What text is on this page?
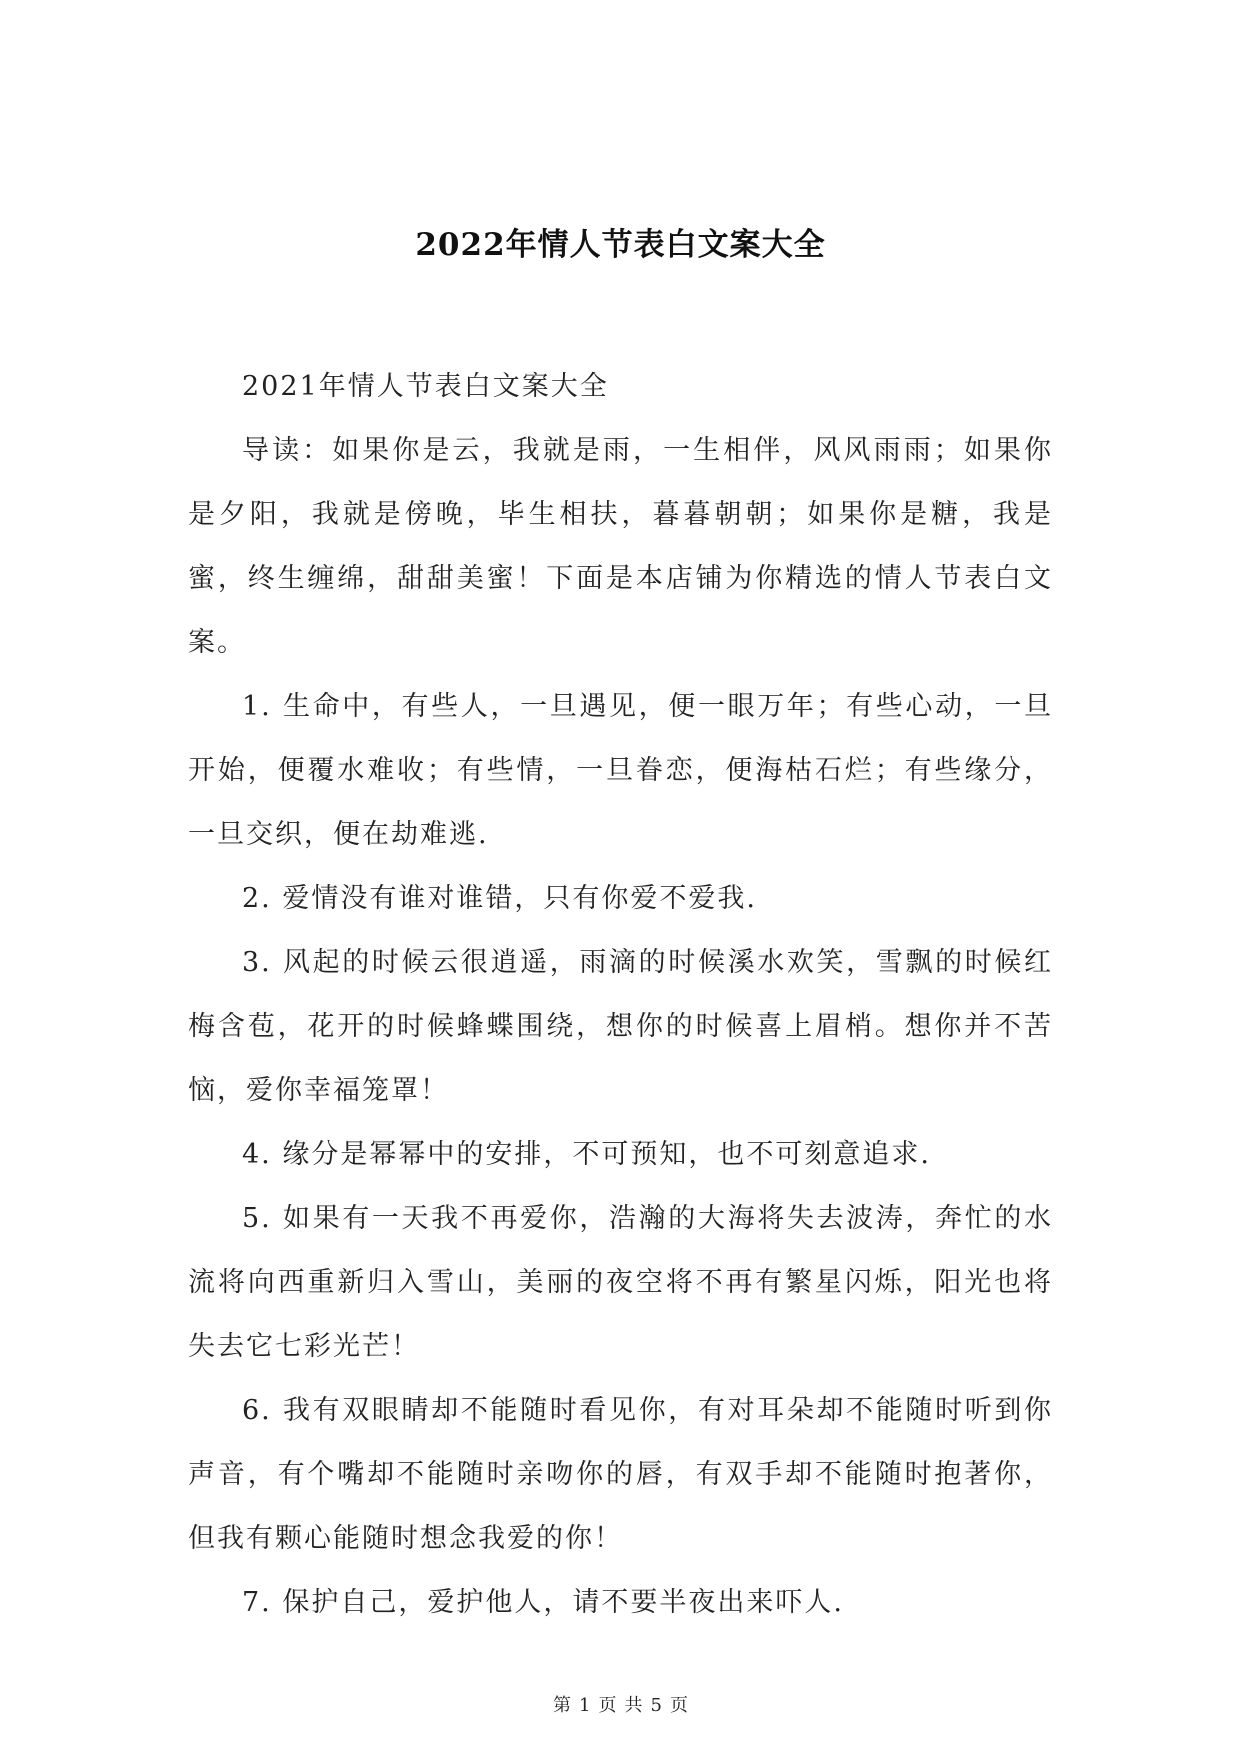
2022年情人节表白文案大全

2021年情人节表白文案大全

导读：如果你是云，我就是雨，一生相伴，风风雨雨；如果你是夕阳，我就是傍晚，毕生相扶，暮暮朝朝；如果你是糖，我是蜜，终生缠绵，甜甜美蜜！下面是本店铺为你精选的情人节表白文案。

1. 生命中，有些人，一旦遇见，便一眼万年；有些心动，一旦开始，便覆水难收；有些情，一旦眷恋，便海枯石烂；有些缘分，一旦交织，便在劫难逃.

2. 爱情没有谁对谁错，只有你爱不爱我.

3. 风起的时候云很逍遥，雨滴的时候溪水欢笑，雪飘的时候红梅含苞，花开的时候蜂蝶围绕，想你的时候喜上眉梢。想你并不苦恼，爱你幸福笼罩！

4. 缘分是幂幂中的安排，不可预知，也不可刻意追求.

5. 如果有一天我不再爱你，浩瀚的大海将失去波涛，奔忙的水流将向西重新归入雪山，美丽的夜空将不再有繁星闪烁，阳光也将失去它七彩光芒！

6. 我有双眼睛却不能随时看见你，有对耳朵却不能随时听到你声音，有个嘴却不能随时亲吻你的唇，有双手却不能随时抱著你，但我有颗心能随时想念我爱的你！

7. 保护自己，爱护他人，请不要半夜出来吓人.

第 1 页 共 5 页
